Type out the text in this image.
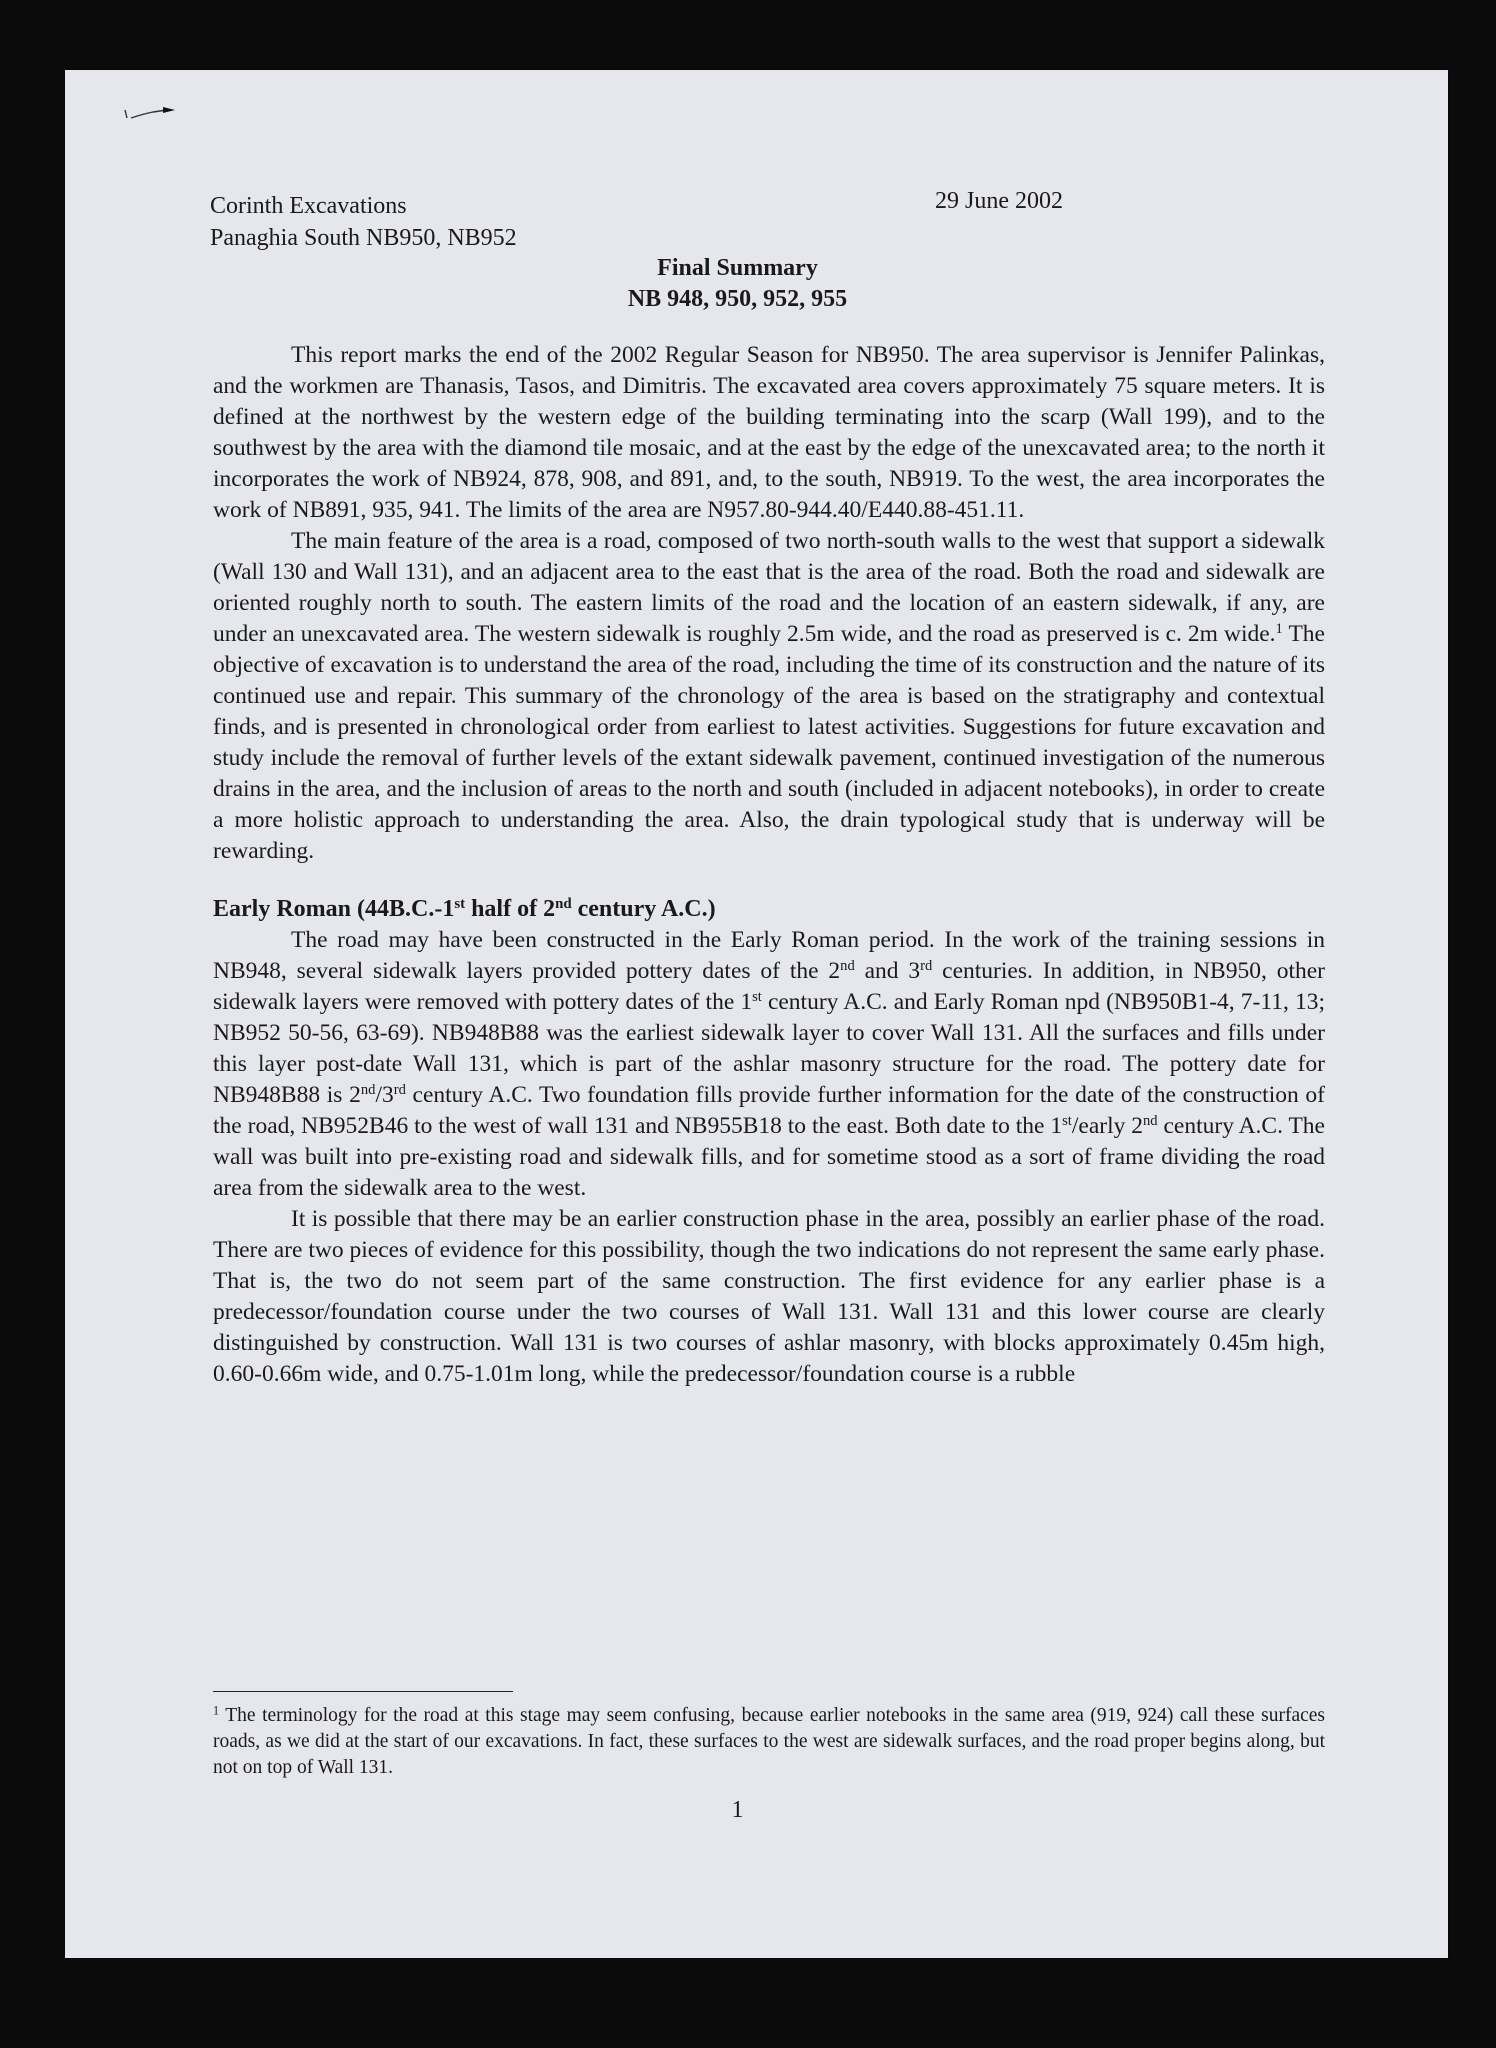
Corinth Excavations
Panaghia South NB950, NB952
29 June 2002
Final Summary
NB 948, 950, 952, 955

This report marks the end of the 2002 Regular Season for NB950. The area supervisor is Jennifer Palinkas, and the workmen are Thanasis, Tasos, and Dimitris. The excavated area covers approximately 75 square meters. It is defined at the northwest by the western edge of the building terminating into the scarp (Wall 199), and to the southwest by the area with the diamond tile mosaic, and at the east by the edge of the unexcavated area; to the north it incorporates the work of NB924, 878, 908, and 891, and, to the south, NB919. To the west, the area incorporates the work of NB891, 935, 941. The limits of the area are N957.80-944.40/E440.88-451.11.

The main feature of the area is a road, composed of two north-south walls to the west that support a sidewalk (Wall 130 and Wall 131), and an adjacent area to the east that is the area of the road. Both the road and sidewalk are oriented roughly north to south. The eastern limits of the road and the location of an eastern sidewalk, if any, are under an unexcavated area. The western sidewalk is roughly 2.5m wide, and the road as preserved is c. 2m wide.$^1$ The objective of excavation is to understand the area of the road, including the time of its construction and the nature of its continued use and repair. This summary of the chronology of the area is based on the stratigraphy and contextual finds, and is presented in chronological order from earliest to latest activities. Suggestions for future excavation and study include the removal of further levels of the extant sidewalk pavement, continued investigation of the numerous drains in the area, and the inclusion of areas to the north and south (included in adjacent notebooks), in order to create a more holistic approach to understanding the area. Also, the drain typological study that is underway will be rewarding.

Early Roman (44B.C.-1st half of 2nd century A.C.)

The road may have been constructed in the Early Roman period. In the work of the training sessions in NB948, several sidewalk layers provided pottery dates of the 2nd and 3rd centuries. In addition, in NB950, other sidewalk layers were removed with pottery dates of the 1st century A.C. and Early Roman npd (NB950B1-4, 7-11, 13; NB952 50-56, 63-69). NB948B88 was the earliest sidewalk layer to cover Wall 131. All the surfaces and fills under this layer post-date Wall 131, which is part of the ashlar masonry structure for the road. The pottery date for NB948B88 is 2nd/3rd century A.C. Two foundation fills provide further information for the date of the construction of the road, NB952B46 to the west of wall 131 and NB955B18 to the east. Both date to the 1st/early 2nd century A.C. The wall was built into pre-existing road and sidewalk fills, and for sometime stood as a sort of frame dividing the road area from the sidewalk area to the west.

It is possible that there may be an earlier construction phase in the area, possibly an earlier phase of the road. There are two pieces of evidence for this possibility, though the two indications do not represent the same early phase. That is, the two do not seem part of the same construction. The first evidence for any earlier phase is a predecessor/foundation course under the two courses of Wall 131. Wall 131 and this lower course are clearly distinguished by construction. Wall 131 is two courses of ashlar masonry, with blocks approximately 0.45m high, 0.60-0.66m wide, and 0.75-1.01m long, while the predecessor/foundation course is a rubble

$^1$ The terminology for the road at this stage may seem confusing, because earlier notebooks in the same area (919, 924) call these surfaces roads, as we did at the start of our excavations. In fact, these surfaces to the west are sidewalk surfaces, and the road proper begins along, but not on top of Wall 131.
1
